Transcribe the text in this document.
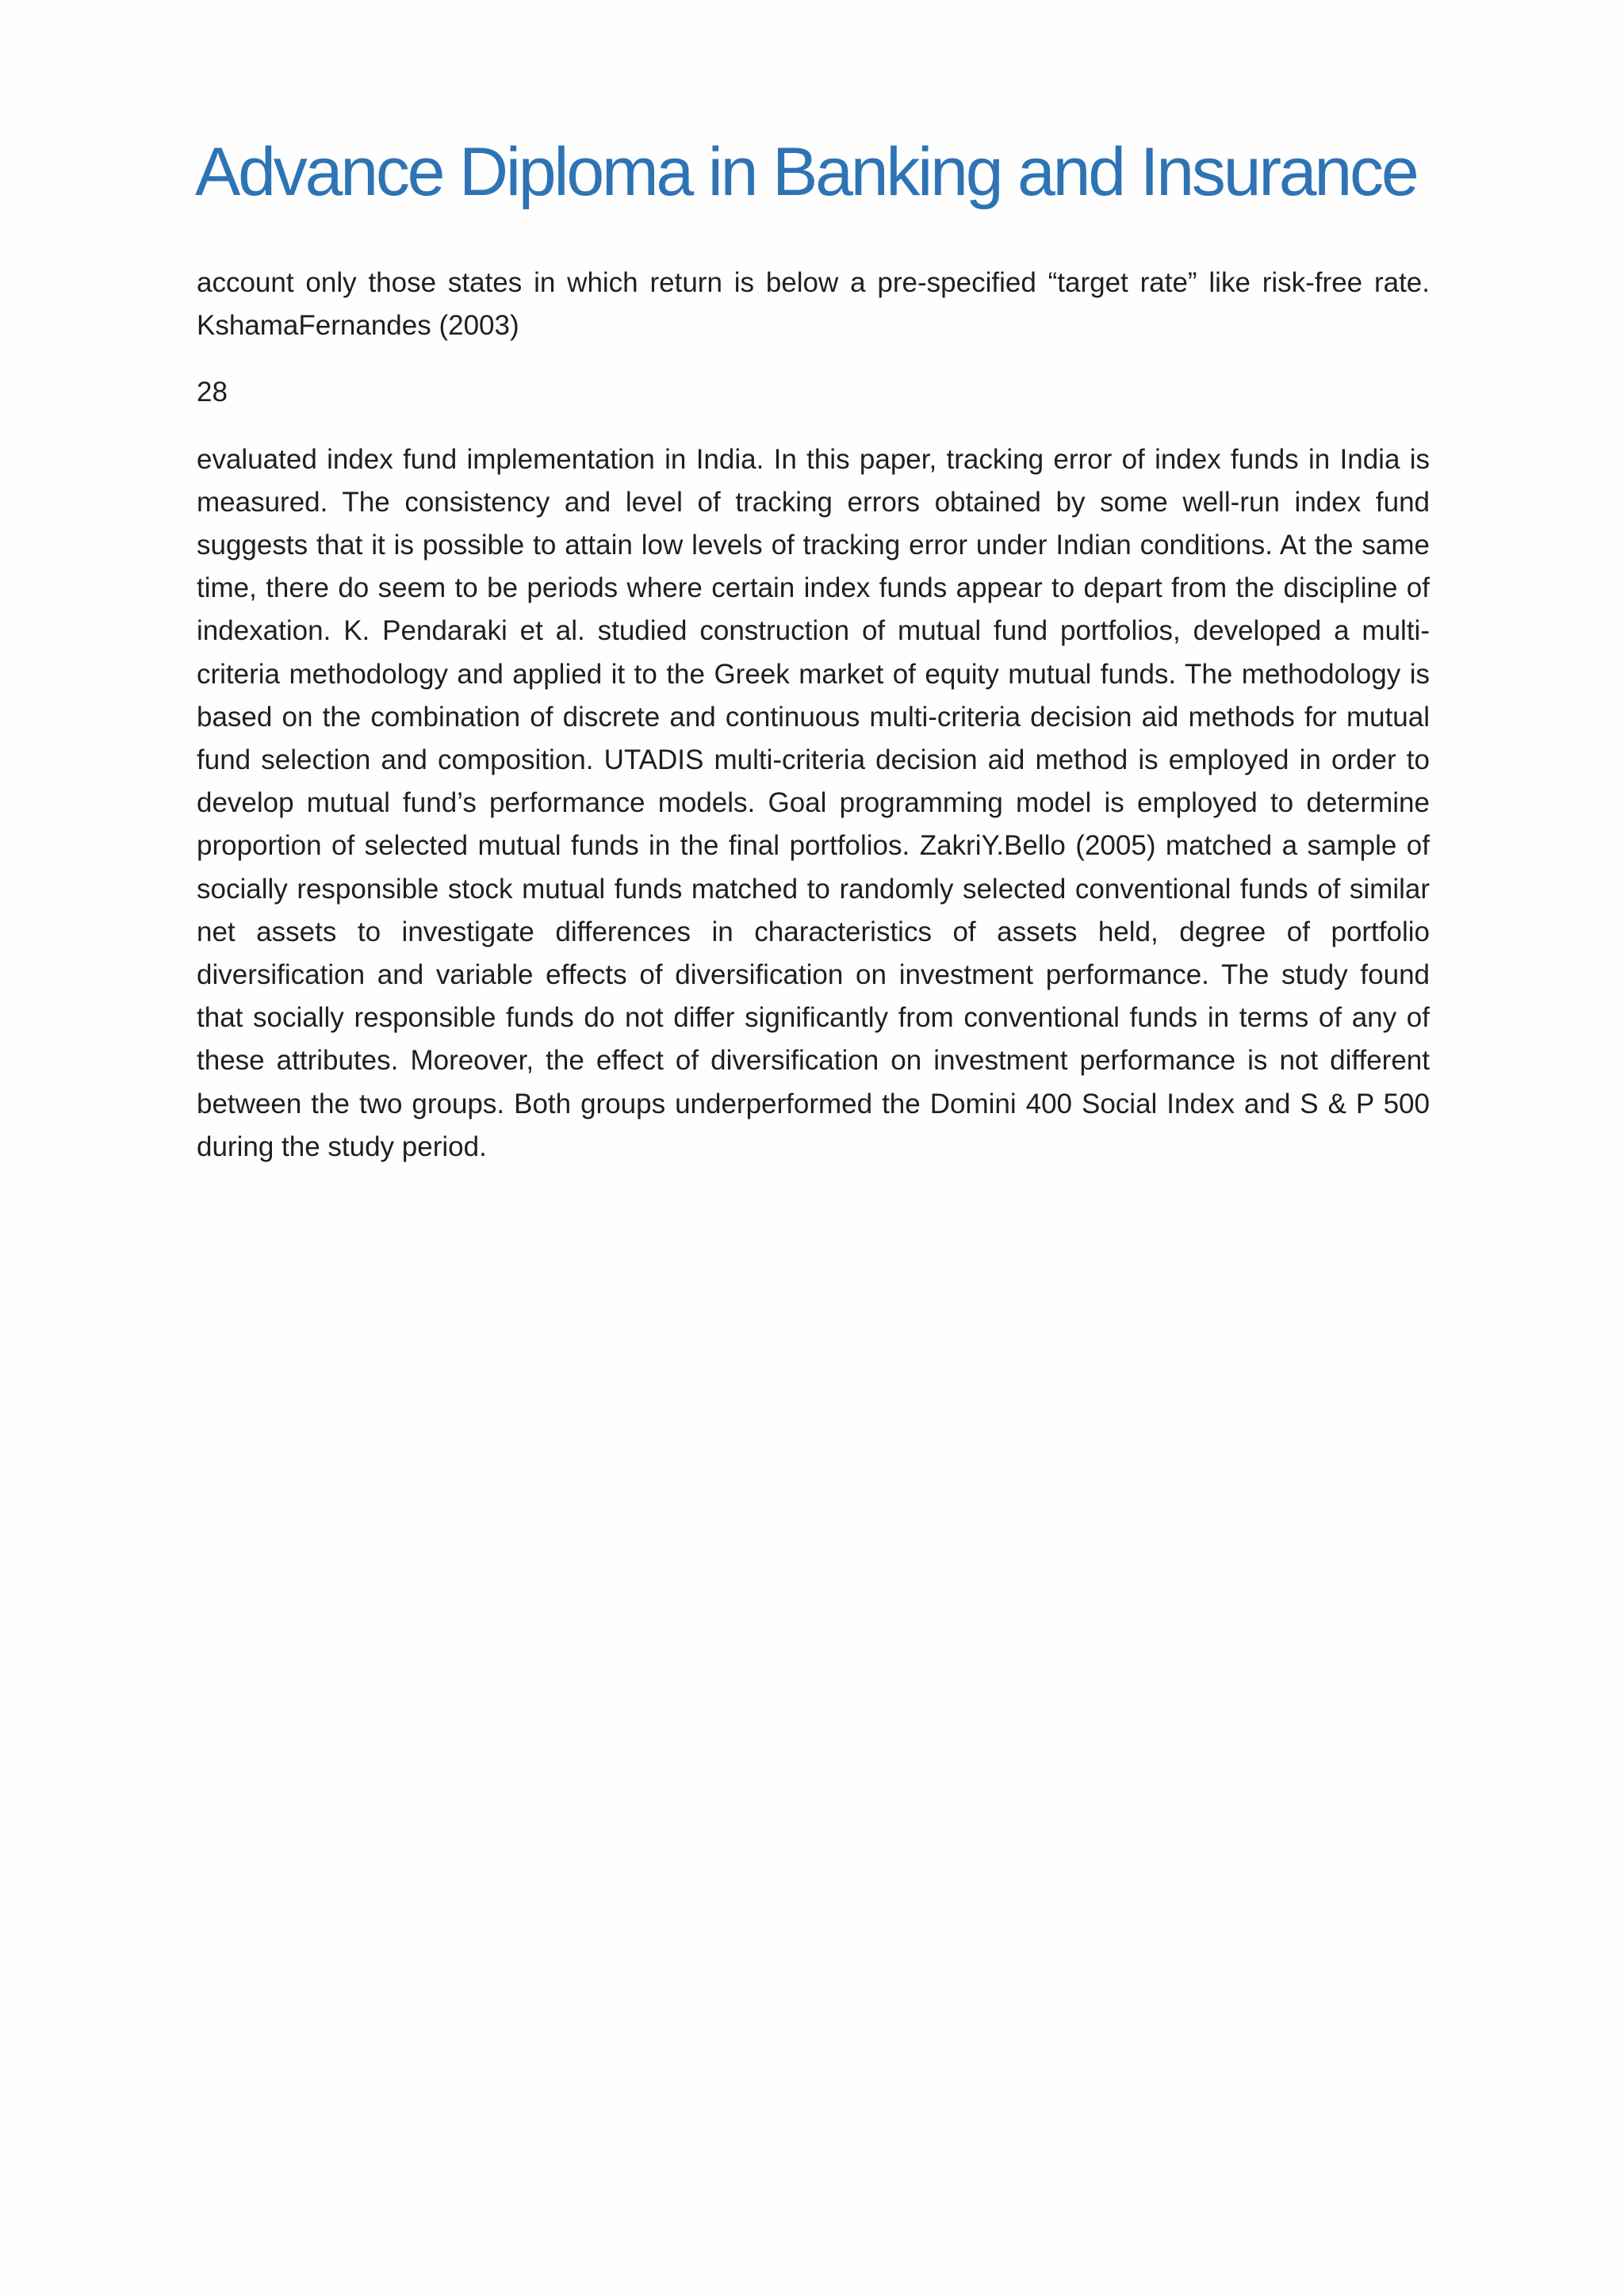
Advance Diploma in Banking and Insurance

account only those states in which return is below a pre-specified “target rate” like risk-free rate. KshamaFernandes (2003)

28

evaluated index fund implementation in India. In this paper, tracking error of index funds in India is measured. The consistency and level of tracking errors obtained by some well-run index fund suggests that it is possible to attain low levels of tracking error under Indian conditions. At the same time, there do seem to be periods where certain index funds appear to depart from the discipline of indexation. K. Pendaraki et al. studied construction of mutual fund portfolios, developed a multi-criteria methodology and applied it to the Greek market of equity mutual funds. The methodology is based on the combination of discrete and continuous multi-criteria decision aid methods for mutual fund selection and composition. UTADIS multi-criteria decision aid method is employed in order to develop mutual fund’s performance models. Goal programming model is employed to determine proportion of selected mutual funds in the final portfolios. ZakriY.Bello (2005) matched a sample of socially responsible stock mutual funds matched to randomly selected conventional funds of similar net assets to investigate differences in characteristics of assets held, degree of portfolio diversification and variable effects of diversification on investment performance. The study found that socially responsible funds do not differ significantly from conventional funds in terms of any of these attributes. Moreover, the effect of diversification on investment performance is not different between the two groups. Both groups underperformed the Domini 400 Social Index and S & P 500 during the study period.
